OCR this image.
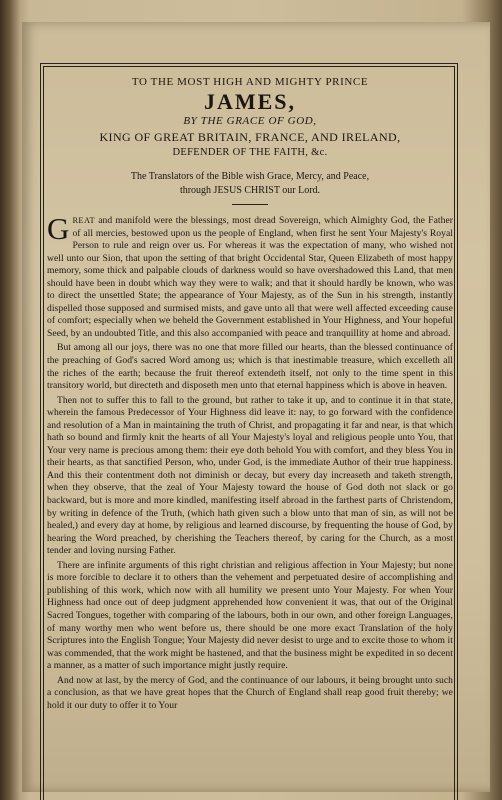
TO THE MOST HIGH AND MIGHTY PRINCE
JAMES,
BY THE GRACE OF GOD,
KING OF GREAT BRITAIN, FRANCE, AND IRELAND,
DEFENDER OF THE FAITH, &c.
The Translators of the Bible wish Grace, Mercy, and Peace,
through JESUS CHRIST our Lord.

GREAT and manifold were the blessings, most dread Sovereign, which Almighty God, the Father of all mercies, bestowed upon us the people of England, when first he sent Your Majesty's Royal Person to rule and reign over us. For whereas it was the expectation of many, who wished not well unto our Sion, that upon the setting of that bright Occidental Star, Queen Elizabeth of most happy memory, some thick and palpable clouds of darkness would so have overshadowed this Land, that men should have been in doubt which way they were to walk; and that it should hardly be known, who was to direct the unsettled State; the appearance of Your Majesty, as of the Sun in his strength, instantly dispelled those supposed and surmised mists, and gave unto all that were well affected exceeding cause of comfort; especially when we beheld the Government established in Your Highness, and Your hopeful Seed, by an undoubted Title, and this also accompanied with peace and tranquillity at home and abroad.

But among all our joys, there was no one that more filled our hearts, than the blessed continuance of the preaching of God's sacred Word among us; which is that inestimable treasure, which excelleth all the riches of the earth; because the fruit thereof extendeth itself, not only to the time spent in this transitory world, but directeth and disposeth men unto that eternal happiness which is above in heaven.

Then not to suffer this to fall to the ground, but rather to take it up, and to continue it in that state, wherein the famous Predecessor of Your Highness did leave it: nay, to go forward with the confidence and resolution of a Man in maintaining the truth of Christ, and propagating it far and near, is that which hath so bound and firmly knit the hearts of all Your Majesty's loyal and religious people unto You, that Your very name is precious among them: their eye doth behold You with comfort, and they bless You in their hearts, as that sanctified Person, who, under God, is the immediate Author of their true happiness. And this their contentment doth not diminish or decay, but every day increaseth and taketh strength, when they observe, that the zeal of Your Majesty toward the house of God doth not slack or go backward, but is more and more kindled, manifesting itself abroad in the farthest parts of Christendom, by writing in defence of the Truth, (which hath given such a blow unto that man of sin, as will not be healed,) and every day at home, by religious and learned discourse, by frequenting the house of God, by hearing the Word preached, by cherishing the Teachers thereof, by caring for the Church, as a most tender and loving nursing Father.

There are infinite arguments of this right christian and religious affection in Your Majesty; but none is more forcible to declare it to others than the vehement and perpetuated desire of accomplishing and publishing of this work, which now with all humility we present unto Your Majesty. For when Your Highness had once out of deep judgment apprehended how convenient it was, that out of the Original Sacred Tongues, together with comparing of the labours, both in our own, and other foreign Languages, of many worthy men who went before us, there should be one more exact Translation of the holy Scriptures into the English Tongue; Your Majesty did never desist to urge and to excite those to whom it was commended, that the work might be hastened, and that the business might be expedited in so decent a manner, as a matter of such importance might justly require.

And now at last, by the mercy of God, and the continuance of our labours, it being brought unto such a conclusion, as that we have great hopes that the Church of England shall reap good fruit thereby; we hold it our duty to offer it to Your
